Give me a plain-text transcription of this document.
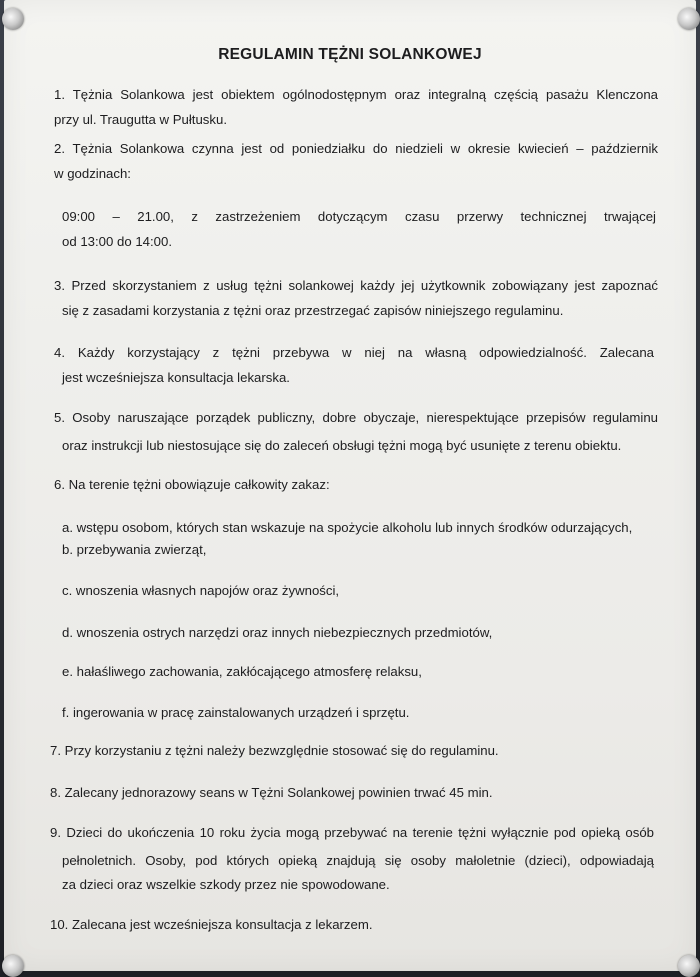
REGULAMIN TĘŻNI SOLANKOWEJ
1. Tężnia Solankowa jest obiektem ogólnodostępnym oraz integralną częścią pasażu Klenczona
przy ul. Traugutta w Pułtusku.
2. Tężnia Solankowa czynna jest od poniedziałku do niedzieli w okresie kwiecień – październik
w godzinach:
09:00 – 21.00, z zastrzeżeniem dotyczącym czasu przerwy technicznej trwającej
od 13:00 do 14:00.
3. Przed skorzystaniem z usług tężni solankowej każdy jej użytkownik zobowiązany jest zapoznać
się z zasadami korzystania z tężni oraz przestrzegać zapisów niniejszego regulaminu.
4. Każdy korzystający z tężni przebywa w niej na własną odpowiedzialność. Zalecana
jest wcześniejsza konsultacja lekarska.
5. Osoby naruszające porządek publiczny, dobre obyczaje, nierespektujące przepisów regulaminu
oraz instrukcji lub niestosujące się do zaleceń obsługi tężni mogą być usunięte z terenu obiektu.
6. Na terenie tężni obowiązuje całkowity zakaz:
a. wstępu osobom, których stan wskazuje na spożycie alkoholu lub innych środków odurzających,
b. przebywania zwierząt,
c. wnoszenia własnych napojów oraz żywności,
d. wnoszenia ostrych narzędzi oraz innych niebezpiecznych przedmiotów,
e. hałaśliwego zachowania, zakłócającego atmosferę relaksu,
f. ingerowania w pracę zainstalowanych urządzeń i sprzętu.
7. Przy korzystaniu z tężni należy bezwzględnie stosować się do regulaminu.
8. Zalecany jednorazowy seans w Tężni Solankowej powinien trwać 45 min.
9. Dzieci do ukończenia 10 roku życia mogą przebywać na terenie tężni wyłącznie pod opieką osób
pełnoletnich. Osoby, pod których opieką znajdują się osoby małoletnie (dzieci), odpowiadają
za dzieci oraz wszelkie szkody przez nie spowodowane.
10. Zalecana jest wcześniejsza konsultacja z lekarzem.
